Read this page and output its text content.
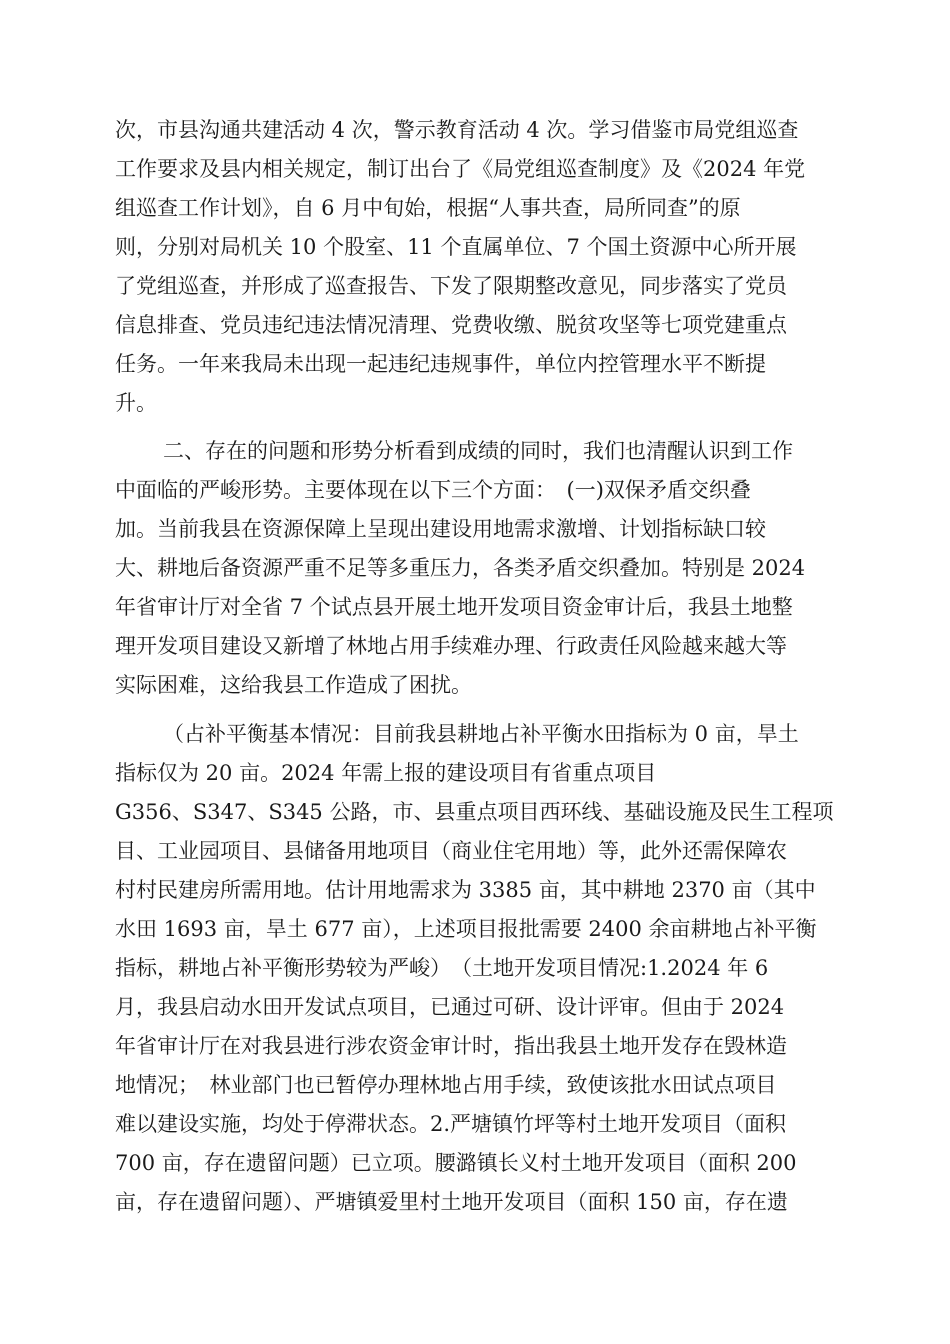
次，市县沟通共建活动 4 次，警示教育活动 4 次。学习借鉴市局党组巡查
工作要求及县内相关规定，制订出台了《局党组巡查制度》及《2024 年党
组巡查工作计划》，自 6 月中旬始，根据“人事共查，局所同查”的原
则，分别对局机关 10 个股室、11 个直属单位、7 个国土资源中心所开展
了党组巡查，并形成了巡查报告、下发了限期整改意见，同步落实了党员
信息排查、党员违纪违法情况清理、党费收缴、脱贫攻坚等七项党建重点
任务。一年来我局未出现一起违纪违规事件，单位内控管理水平不断提
升。
二、存在的问题和形势分析看到成绩的同时，我们也清醒认识到工作
中面临的严峻形势。主要体现在以下三个方面：　(一)双保矛盾交织叠
加。当前我县在资源保障上呈现出建设用地需求激增、计划指标缺口较
大、耕地后备资源严重不足等多重压力，各类矛盾交织叠加。特别是 2024
年省审计厅对全省 7 个试点县开展土地开发项目资金审计后，我县土地整
理开发项目建设又新增了林地占用手续难办理、行政责任风险越来越大等
实际困难，这给我县工作造成了困扰。
（占补平衡基本情况：目前我县耕地占补平衡水田指标为 0 亩，旱土
指标仅为 20 亩。2024 年需上报的建设项目有省重点项目
G356、S347、S345 公路，市、县重点项目西环线、基础设施及民生工程项
目、工业园项目、县储备用地项目（商业住宅用地）等，此外还需保障农
村村民建房所需用地。估计用地需求为 3385 亩，其中耕地 2370 亩（其中
水田 1693 亩，旱土 677 亩），上述项目报批需要 2400 余亩耕地占补平衡
指标，耕地占补平衡形势较为严峻）　（土地开发项目情况:1.2024 年 6
月，我县启动水田开发试点项目，已通过可研、设计评审。但由于 2024
年省审计厅在对我县进行涉农资金审计时，指出我县土地开发存在毁林造
地情况；　林业部门也已暂停办理林地占用手续，致使该批水田试点项目
难以建设实施，均处于停滞状态。2.严塘镇竹坪等村土地开发项目（面积
700 亩，存在遗留问题）已立项。腰潞镇长义村土地开发项目（面积 200
亩，存在遗留问题）、严塘镇爱里村土地开发项目（面积 150 亩，存在遗
